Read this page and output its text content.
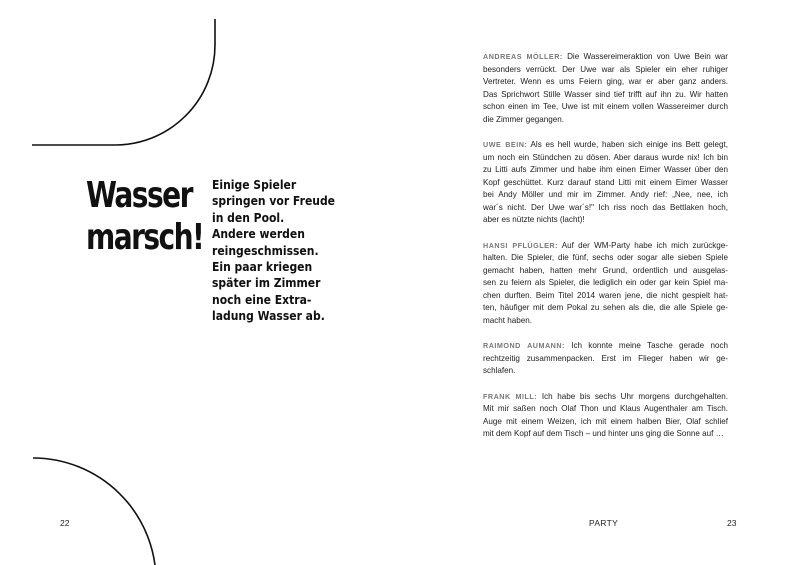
Wasser
marsch!

Einige Spieler
springen vor Freude
in den Pool.
Andere werden
reingeschmissen.
Ein paar kriegen
später im Zimmer
noch eine Extra-
ladung Wasser ab.

ANDREAS MÖLLER: Die Wassereimeraktion von Uwe Bein war
besonders verrückt. Der Uwe war als Spieler ein eher ruhiger
Vertreter. Wenn es ums Feiern ging, war er aber ganz anders.
Das Sprichwort Stille Wasser sind tief trifft auf ihn zu. Wir hatten
schon einen im Tee, Uwe ist mit einem vollen Wassereimer durch
die Zimmer gegangen.

UWE BEIN: Als es hell wurde, haben sich einige ins Bett gelegt,
um noch ein Stündchen zu dösen. Aber daraus wurde nix! Ich bin
zu Litti aufs Zimmer und habe ihm einen Eimer Wasser über den
Kopf geschüttet. Kurz darauf stand Litti mit einem Eimer Wasser
bei Andy Möller und mir im Zimmer. Andy rief: „Nee, nee, ich
war´s nicht. Der Uwe war´s!" Ich riss noch das Bettlaken hoch,
aber es nützte nichts (lacht)!

HANSI PFLÜGLER: Auf der WM-Party habe ich mich zurückge-
halten. Die Spieler, die fünf, sechs oder sogar alle sieben Spiele
gemacht haben, hatten mehr Grund, ordentlich und ausgelas-
sen zu feiern als Spieler, die lediglich ein oder gar kein Spiel ma-
chen durften. Beim Titel 2014 waren jene, die nicht gespielt hat-
ten, häufiger mit dem Pokal zu sehen als die, die alle Spiele ge-
macht haben.

RAIMOND AUMANN: Ich konnte meine Tasche gerade noch
rechtzeitig zusammenpacken. Erst im Flieger haben wir ge-
schlafen.

FRANK MILL: Ich habe bis sechs Uhr morgens durchgehalten.
Mit mir saßen noch Olaf Thon und Klaus Augenthaler am Tisch.
Auge mit einem Weizen, ich mit einem halben Bier, Olaf schlief
mit dem Kopf auf dem Tisch – und hinter uns ging die Sonne auf …

22	PARTY	23
